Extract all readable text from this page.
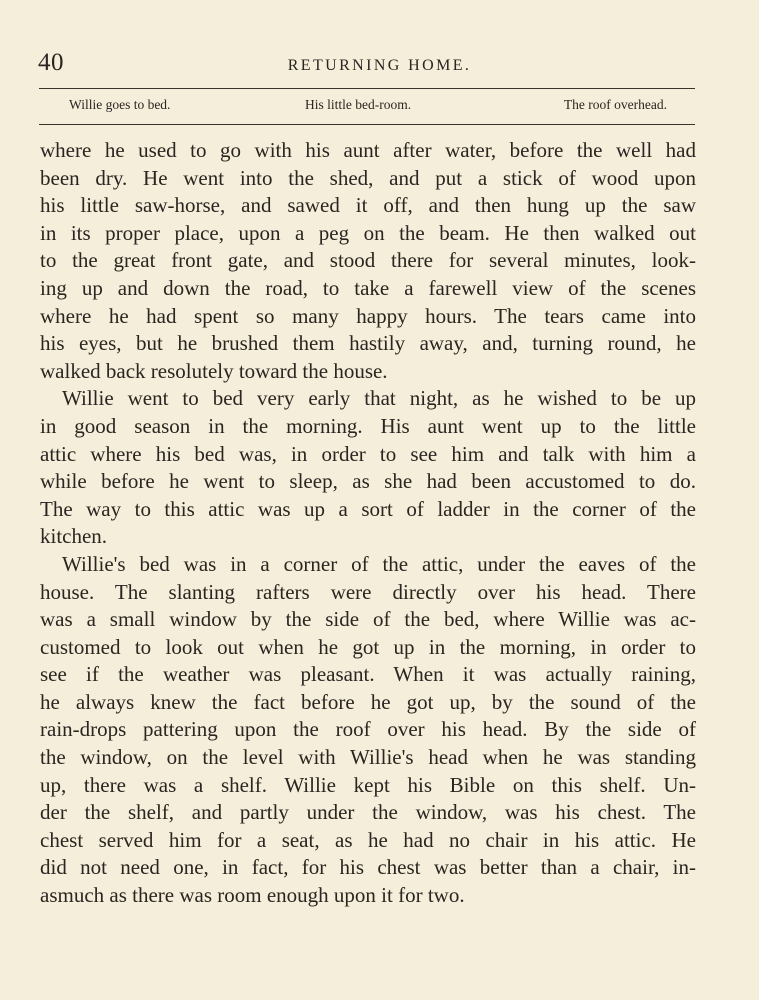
40	RETURNING HOME.
Willie goes to bed.	His little bed-room.	The roof overhead.
where he used to go with his aunt after water, before the well had
been dry. He went into the shed, and put a stick of wood upon
his little saw-horse, and sawed it off, and then hung up the saw
in its proper place, upon a peg on the beam. He then walked out
to the great front gate, and stood there for several minutes, look-
ing up and down the road, to take a farewell view of the scenes
where he had spent so many happy hours. The tears came into
his eyes, but he brushed them hastily away, and, turning round, he
walked back resolutely toward the house.
Willie went to bed very early that night, as he wished to be up
in good season in the morning. His aunt went up to the little
attic where his bed was, in order to see him and talk with him a
while before he went to sleep, as she had been accustomed to do.
The way to this attic was up a sort of ladder in the corner of the
kitchen.
Willie's bed was in a corner of the attic, under the eaves of the
house. The slanting rafters were directly over his head. There
was a small window by the side of the bed, where Willie was ac-
customed to look out when he got up in the morning, in order to
see if the weather was pleasant. When it was actually raining,
he always knew the fact before he got up, by the sound of the
rain-drops pattering upon the roof over his head. By the side of
the window, on the level with Willie's head when he was standing
up, there was a shelf. Willie kept his Bible on this shelf. Un-
der the shelf, and partly under the window, was his chest. The
chest served him for a seat, as he had no chair in his attic. He
did not need one, in fact, for his chest was better than a chair, in-
asmuch as there was room enough upon it for two.
